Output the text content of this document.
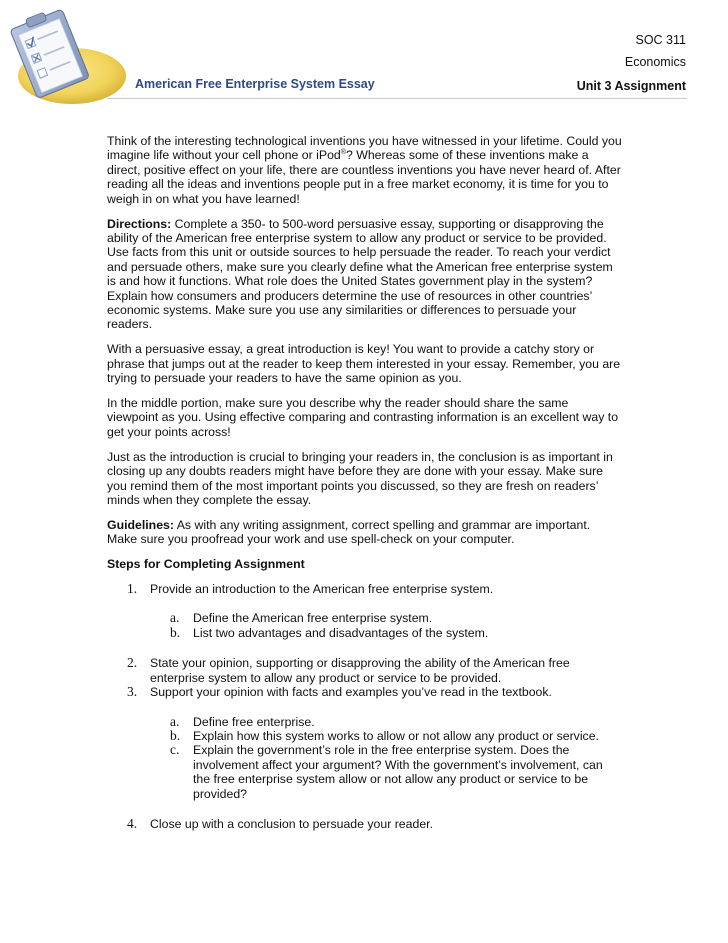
SOC 311
Economics
American Free Enterprise System Essay	Unit 3 Assignment

Think of the interesting technological inventions you have witnessed in your lifetime. Could you imagine life without your cell phone or iPod®? Whereas some of these inventions make a direct, positive effect on your life, there are countless inventions you have never heard of. After reading all the ideas and inventions people put in a free market economy, it is time for you to weigh in on what you have learned!

Directions: Complete a 350- to 500-word persuasive essay, supporting or disapproving the ability of the American free enterprise system to allow any product or service to be provided. Use facts from this unit or outside sources to help persuade the reader. To reach your verdict and persuade others, make sure you clearly define what the American free enterprise system is and how it functions. What role does the United States government play in the system? Explain how consumers and producers determine the use of resources in other countries’ economic systems. Make sure you use any similarities or differences to persuade your readers.

With a persuasive essay, a great introduction is key! You want to provide a catchy story or phrase that jumps out at the reader to keep them interested in your essay. Remember, you are trying to persuade your readers to have the same opinion as you.

In the middle portion, make sure you describe why the reader should share the same viewpoint as you. Using effective comparing and contrasting information is an excellent way to get your points across!

Just as the introduction is crucial to bringing your readers in, the conclusion is as important in closing up any doubts readers might have before they are done with your essay. Make sure you remind them of the most important points you discussed, so they are fresh on readers’ minds when they complete the essay.

Guidelines: As with any writing assignment, correct spelling and grammar are important. Make sure you proofread your work and use spell-check on your computer.

Steps for Completing Assignment

1. Provide an introduction to the American free enterprise system.
a. Define the American free enterprise system.
b. List two advantages and disadvantages of the system.
2. State your opinion, supporting or disapproving the ability of the American free enterprise system to allow any product or service to be provided.
3. Support your opinion with facts and examples you’ve read in the textbook.
a. Define free enterprise.
b. Explain how this system works to allow or not allow any product or service.
c. Explain the government’s role in the free enterprise system. Does the involvement affect your argument? With the government’s involvement, can the free enterprise system allow or not allow any product or service to be provided?
4. Close up with a conclusion to persuade your reader.
